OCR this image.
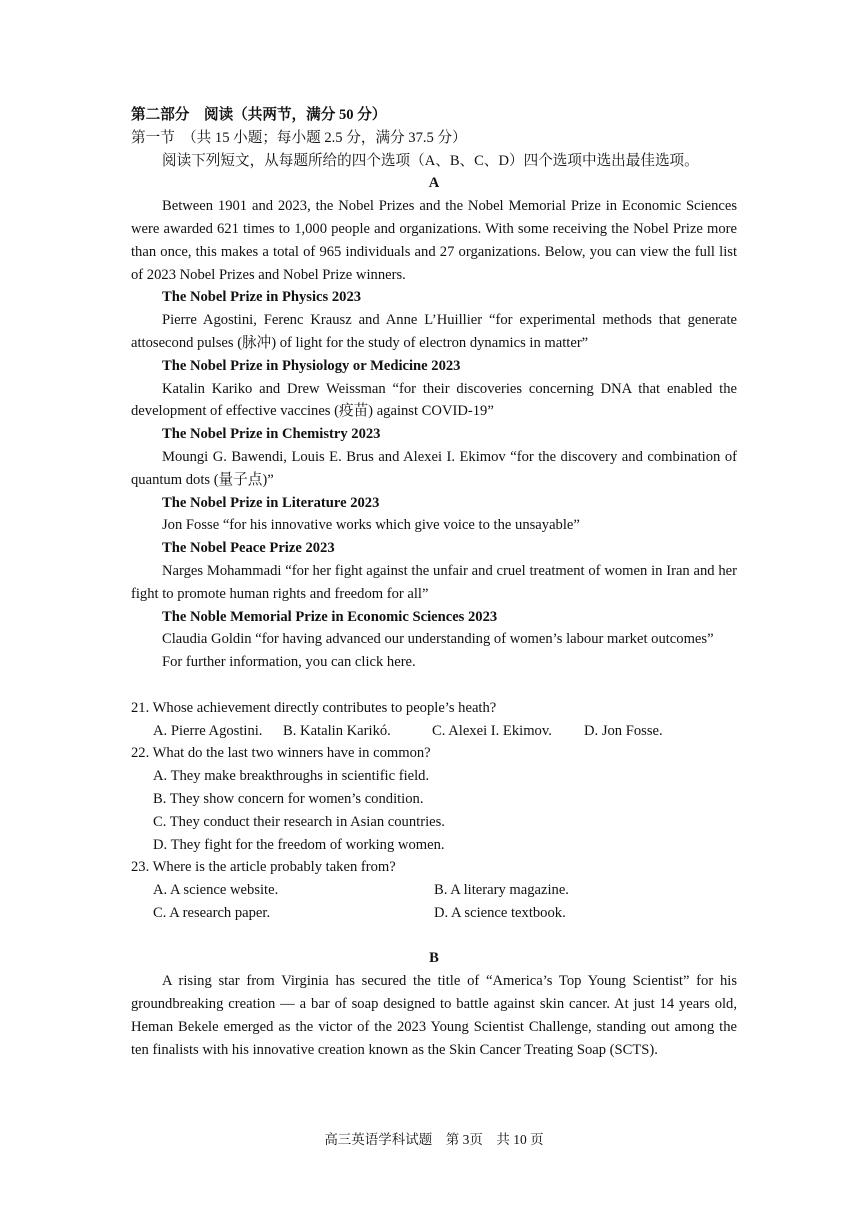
第二部分　阅读（共两节，满分 50 分）
第一节　（共 15 小题；每小题 2.5 分，满分 37.5 分）
阅读下列短文，从每题所给的四个选项（A、B、C、D）四个选项中选出最佳选项。
A
Between 1901 and 2023, the Nobel Prizes and the Nobel Memorial Prize in Economic Sciences were awarded 621 times to 1,000 people and organizations. With some receiving the Nobel Prize more than once, this makes a total of 965 individuals and 27 organizations. Below, you can view the full list of 2023 Nobel Prizes and Nobel Prize winners.
The Nobel Prize in Physics 2023
Pierre Agostini, Ferenc Krausz and Anne L’Huillier “for experimental methods that generate attosecond pulses (脉冲) of light for the study of electron dynamics in matter”
The Nobel Prize in Physiology or Medicine 2023
Katalin Kariko and Drew Weissman “for their discoveries concerning DNA that enabled the development of effective vaccines (疫苗) against COVID-19”
The Nobel Prize in Chemistry 2023
Moungi G. Bawendi, Louis E. Brus and Alexei I. Ekimov “for the discovery and combination of quantum dots (量子点)”
The Nobel Prize in Literature 2023
Jon Fosse “for his innovative works which give voice to the unsayable”
The Nobel Peace Prize 2023
Narges Mohammadi “for her fight against the unfair and cruel treatment of women in Iran and her fight to promote human rights and freedom for all”
The Noble Memorial Prize in Economic Sciences 2023
Claudia Goldin “for having advanced our understanding of women’s labour market outcomes”
For further information, you can click here.
21. Whose achievement directly contributes to people’s heath?
A. Pierre Agostini.	B. Katalin Karikó.	C. Alexei I. Ekimov.	D. Jon Fosse.
22. What do the last two winners have in common?
A. They make breakthroughs in scientific field.
B. They show concern for women’s condition.
C. They conduct their research in Asian countries.
D. They fight for the freedom of working women.
23. Where is the article probably taken from?
A. A science website.	B. A literary magazine.
C. A research paper.	D. A science textbook.
B
A rising star from Virginia has secured the title of “America’s Top Young Scientist” for his groundbreaking creation — a bar of soap designed to battle against skin cancer. At just 14 years old, Heman Bekele emerged as the victor of the 2023 Young Scientist Challenge, standing out among the ten finalists with his innovative creation known as the Skin Cancer Treating Soap (SCTS).
高三英语学科试题　第 3页　共 10 页
